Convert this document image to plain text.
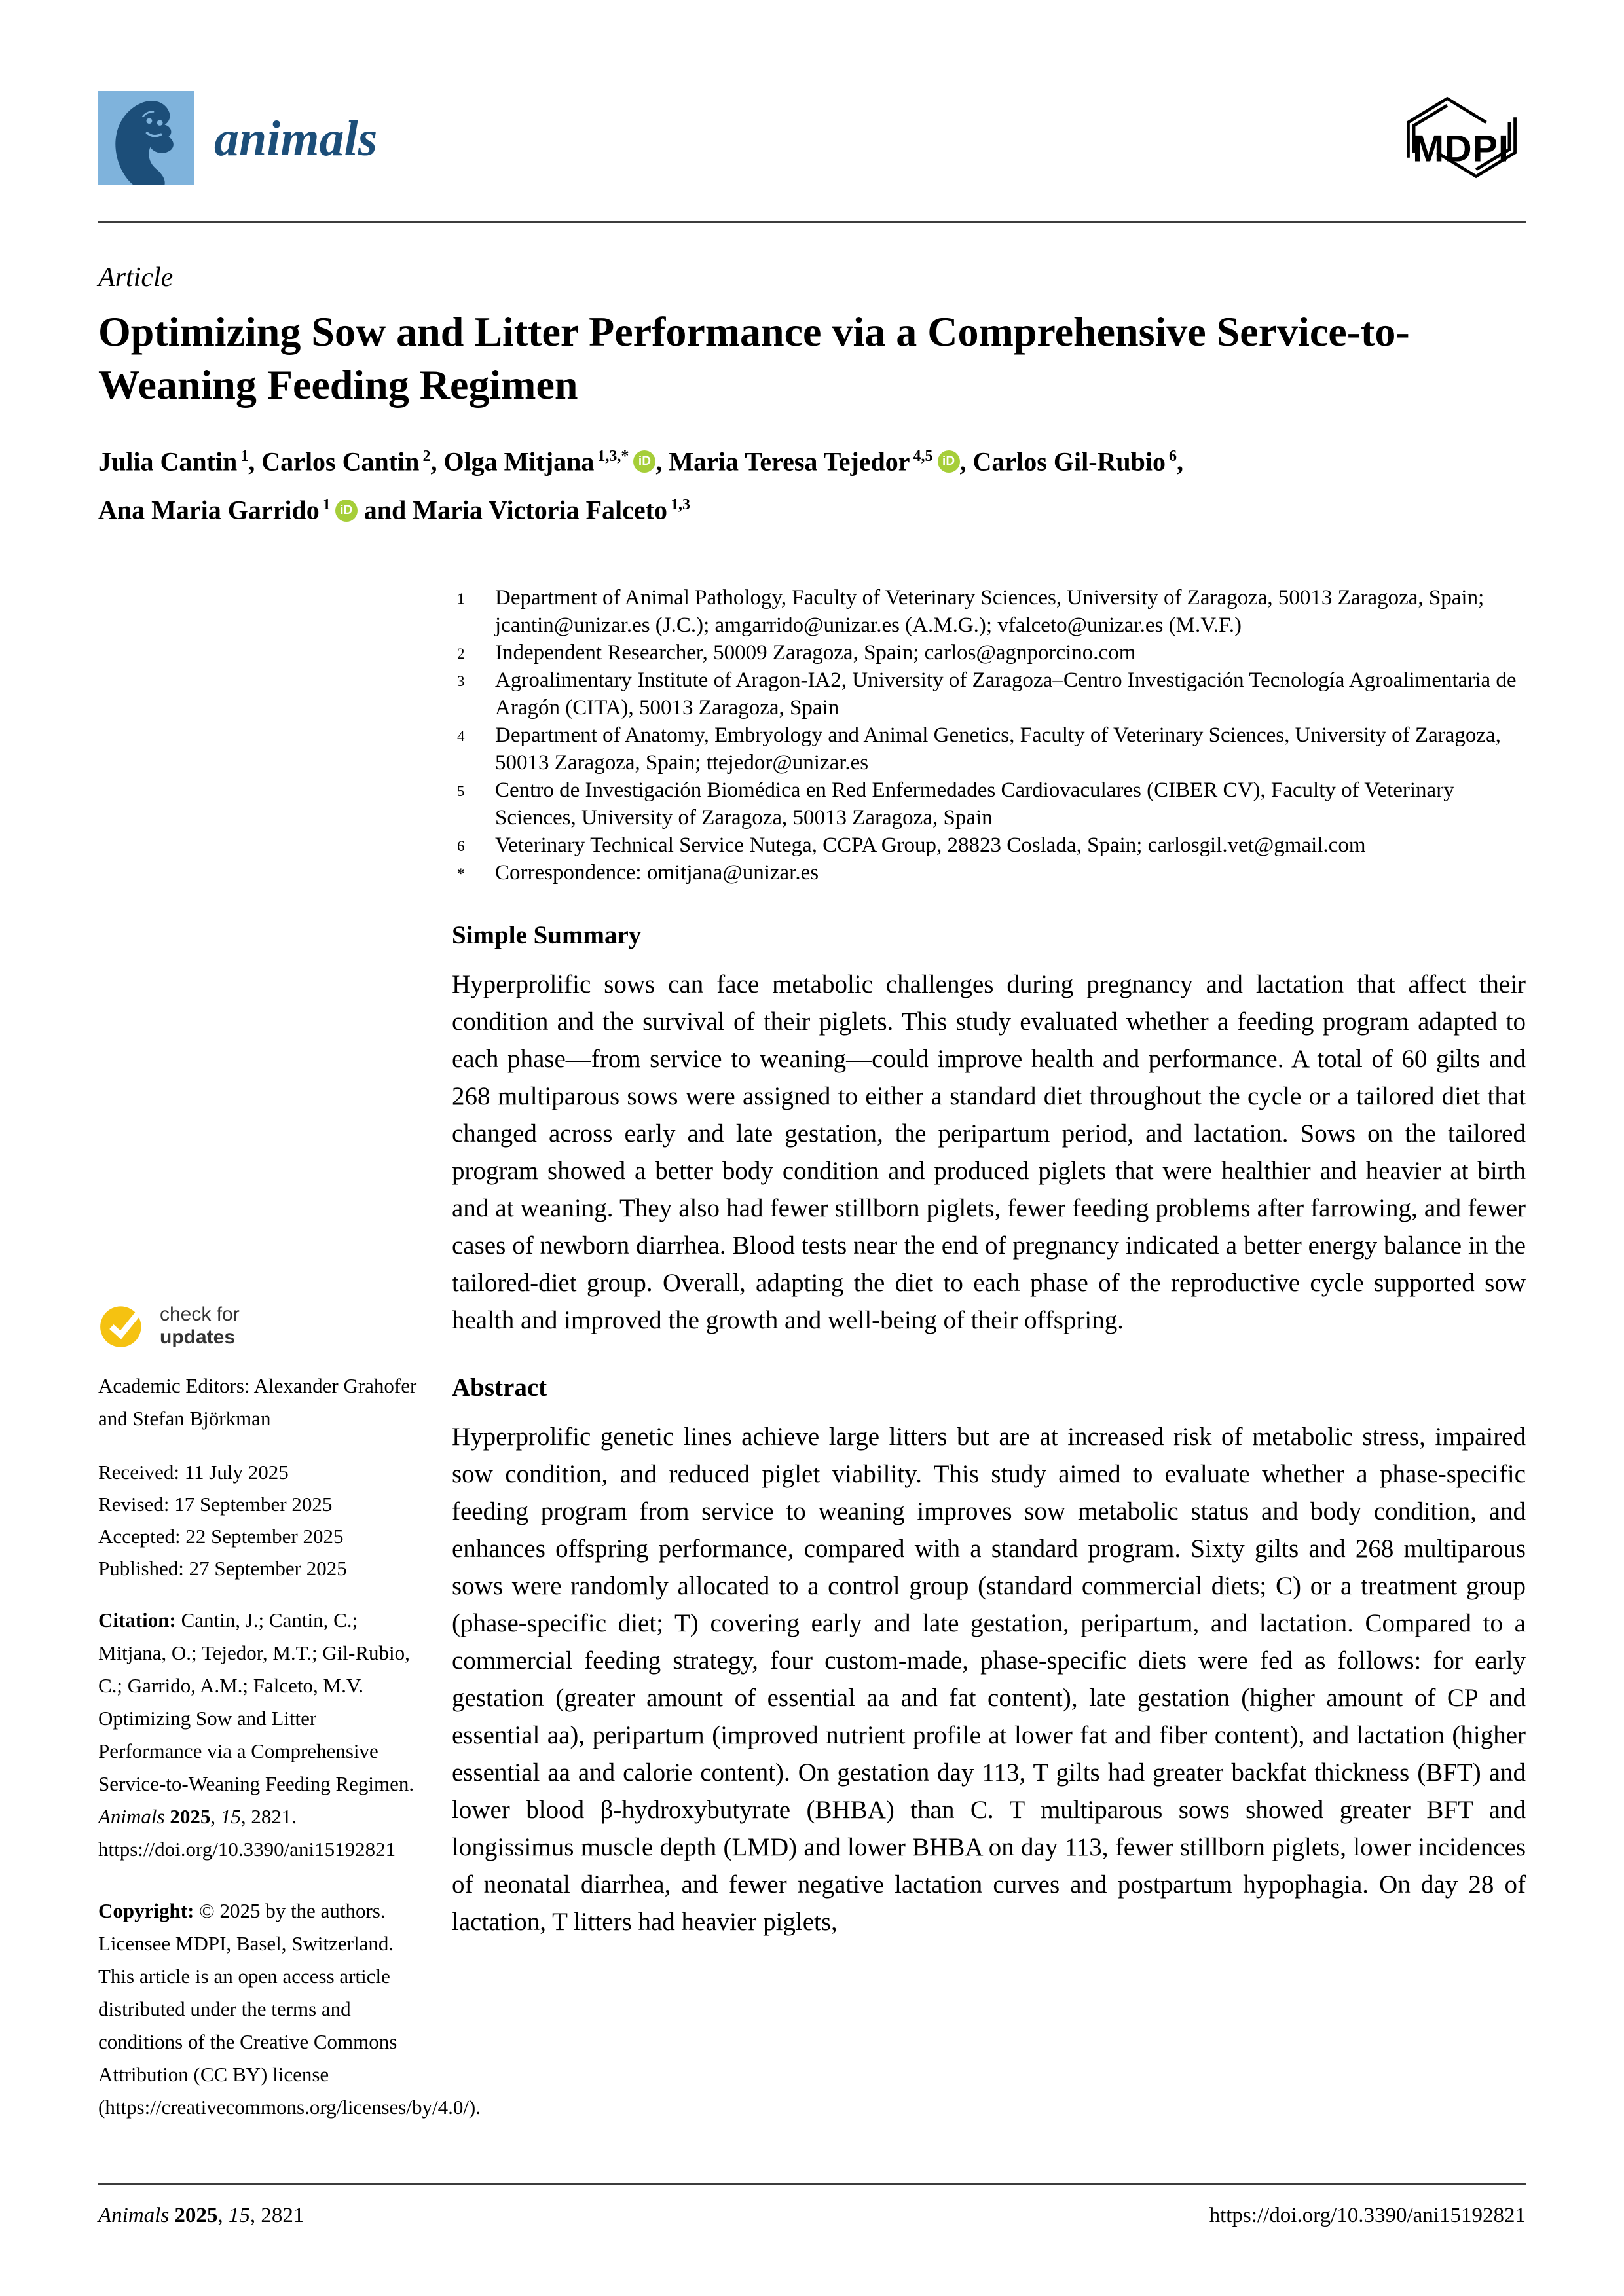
animals	MDPI
Article
Optimizing Sow and Litter Performance via a Comprehensive Service-to-Weaning Feeding Regimen
Julia Cantin $^1$, Carlos Cantin $^2$, Olga Mitjana $^{1,3,*}$ iD , Maria Teresa Tejedor $^{4,5}$ iD , Carlos Gil-Rubio $^6$,
Ana Maria Garrido $^1$ iD and Maria Victoria Falceto $^{1,3}$
check for
updates

Academic Editors: Alexander Grahofer and Stefan Björkman

Received: 11 July 2025
Revised: 17 September 2025
Accepted: 22 September 2025
Published: 27 September 2025

Citation: Cantin, J.; Cantin, C.; Mitjana, O.; Tejedor, M.T.; Gil-Rubio, C.; Garrido, A.M.; Falceto, M.V. Optimizing Sow and Litter Performance via a Comprehensive Service-to-Weaning Feeding Regimen. Animals 2025, 15, 2821. https://doi.org/10.3390/ani15192821

Copyright: © 2025 by the authors. Licensee MDPI, Basel, Switzerland. This article is an open access article distributed under the terms and conditions of the Creative Commons Attribution (CC BY) license (https://creativecommons.org/licenses/by/4.0/).

1	Department of Animal Pathology, Faculty of Veterinary Sciences, University of Zaragoza, 50013 Zaragoza, Spain; jcantin@unizar.es (J.C.); amgarrido@unizar.es (A.M.G.); vfalceto@unizar.es (M.V.F.)
2	Independent Researcher, 50009 Zaragoza, Spain; carlos@agnporcino.com
3	Agroalimentary Institute of Aragon-IA2, University of Zaragoza–Centro Investigación Tecnología Agroalimentaria de Aragón (CITA), 50013 Zaragoza, Spain
4	Department of Anatomy, Embryology and Animal Genetics, Faculty of Veterinary Sciences, University of Zaragoza, 50013 Zaragoza, Spain; ttejedor@unizar.es
5	Centro de Investigación Biomédica en Red Enfermedades Cardiovaculares (CIBER CV), Faculty of Veterinary Sciences, University of Zaragoza, 50013 Zaragoza, Spain
6	Veterinary Technical Service Nutega, CCPA Group, 28823 Coslada, Spain; carlosgil.vet@gmail.com
*	Correspondence: omitjana@unizar.es
Simple Summary

Hyperprolific sows can face metabolic challenges during pregnancy and lactation that affect their condition and the survival of their piglets. This study evaluated whether a feeding program adapted to each phase—from service to weaning—could improve health and performance. A total of 60 gilts and 268 multiparous sows were assigned to either a standard diet throughout the cycle or a tailored diet that changed across early and late gestation, the peripartum period, and lactation. Sows on the tailored program showed a better body condition and produced piglets that were healthier and heavier at birth and at weaning. They also had fewer stillborn piglets, fewer feeding problems after farrowing, and fewer cases of newborn diarrhea. Blood tests near the end of pregnancy indicated a better energy balance in the tailored-diet group. Overall, adapting the diet to each phase of the reproductive cycle supported sow health and improved the growth and well-being of their offspring.

Abstract

Hyperprolific genetic lines achieve large litters but are at increased risk of metabolic stress, impaired sow condition, and reduced piglet viability. This study aimed to evaluate whether a phase-specific feeding program from service to weaning improves sow metabolic status and body condition, and enhances offspring performance, compared with a standard program. Sixty gilts and 268 multiparous sows were randomly allocated to a control group (standard commercial diets; C) or a treatment group (phase-specific diet; T) covering early and late gestation, peripartum, and lactation. Compared to a commercial feeding strategy, four custom-made, phase-specific diets were fed as follows: for early gestation (greater amount of essential aa and fat content), late gestation (higher amount of CP and essential aa), peripartum (improved nutrient profile at lower fat and fiber content), and lactation (higher essential aa and calorie content). On gestation day 113, T gilts had greater backfat thickness (BFT) and lower blood β-hydroxybutyrate (BHBA) than C. T multiparous sows showed greater BFT and longissimus muscle depth (LMD) and lower BHBA on day 113, fewer stillborn piglets, lower incidences of neonatal diarrhea, and fewer negative lactation curves and postpartum hypophagia. On day 28 of lactation, T litters had heavier piglets,

Animals 2025, 15, 2821	https://doi.org/10.3390/ani15192821
